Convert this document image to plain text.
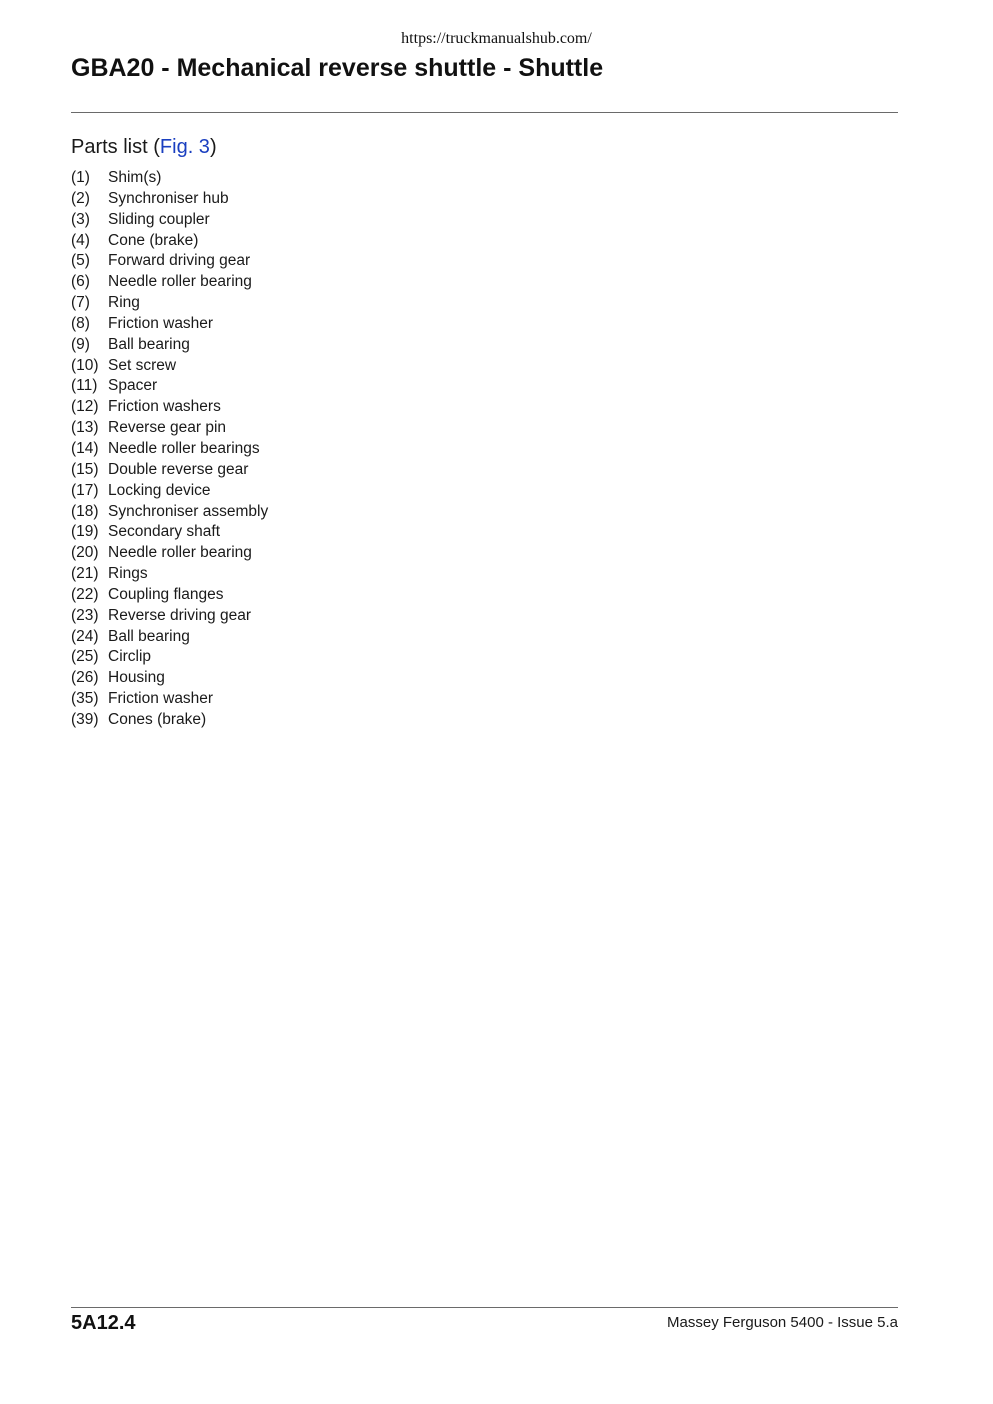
https://truckmanualshub.com/
GBA20 - Mechanical reverse shuttle - Shuttle
Parts list (Fig. 3)
(1) Shim(s)
(2) Synchroniser hub
(3) Sliding coupler
(4) Cone (brake)
(5) Forward driving gear
(6) Needle roller bearing
(7) Ring
(8) Friction washer
(9) Ball bearing
(10) Set screw
(11) Spacer
(12) Friction washers
(13) Reverse gear pin
(14) Needle roller bearings
(15) Double reverse gear
(17) Locking device
(18) Synchroniser assembly
(19) Secondary shaft
(20) Needle roller bearing
(21) Rings
(22) Coupling flanges
(23) Reverse driving gear
(24) Ball bearing
(25) Circlip
(26) Housing
(35) Friction washer
(39) Cones (brake)
5A12.4	Massey Ferguson 5400 - Issue 5.a
